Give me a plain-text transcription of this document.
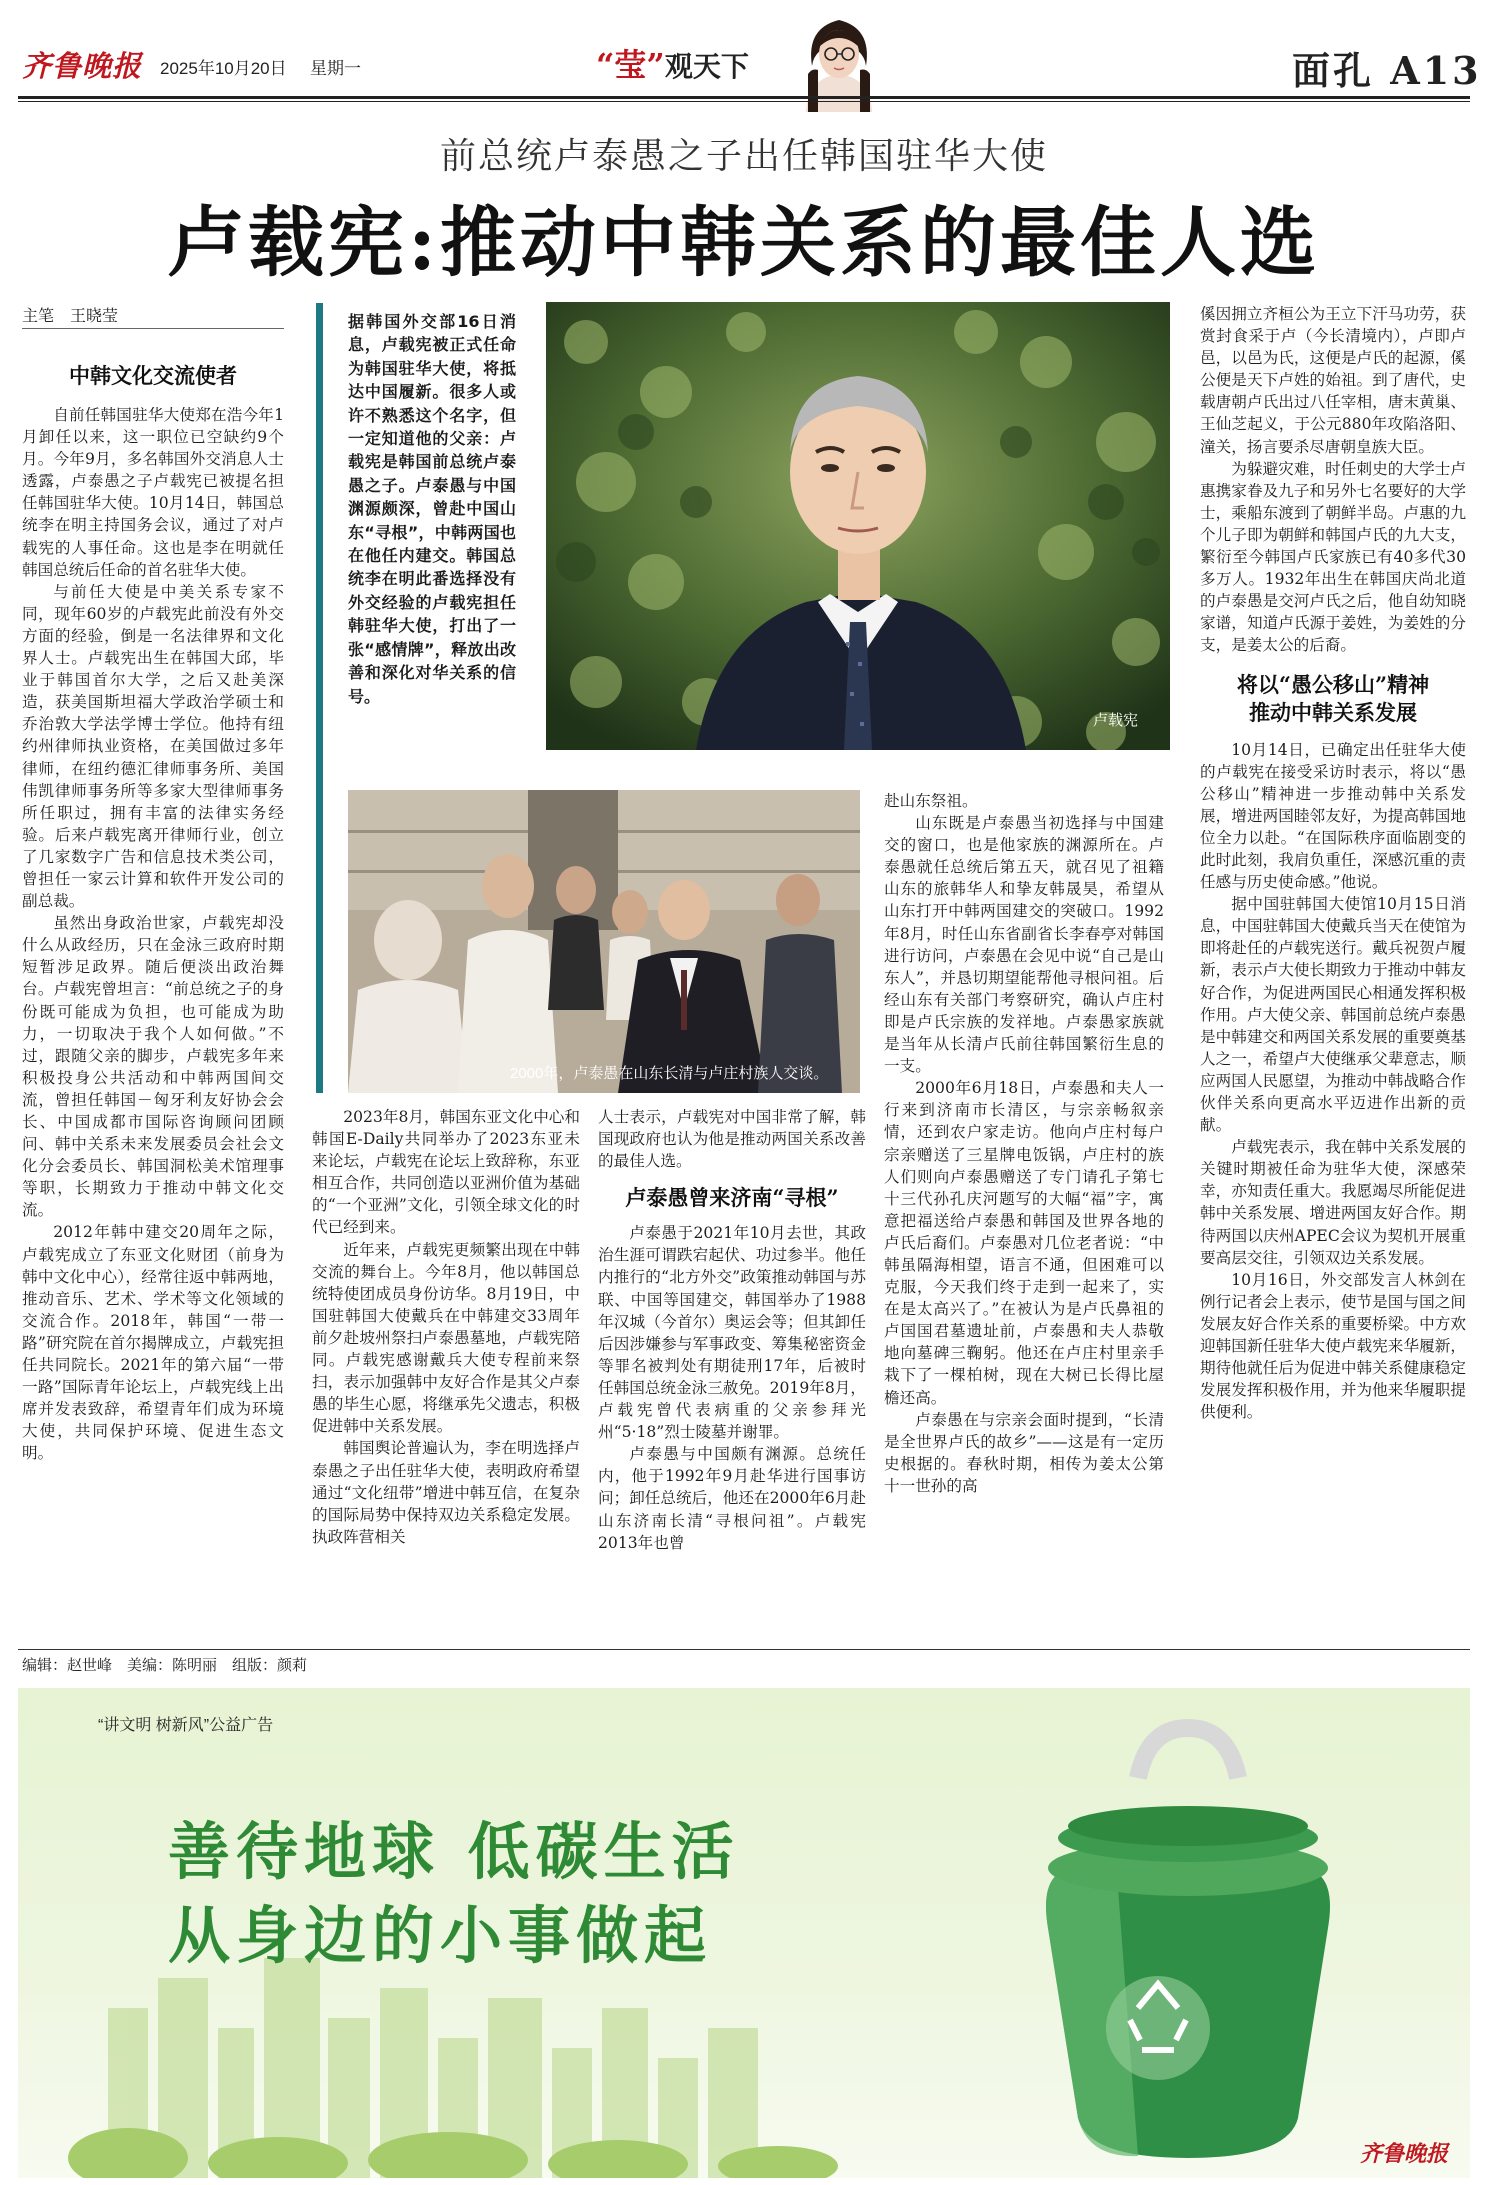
齐鲁晚报 2025年10月20日 星期一	“莹”观天下	面孔 A13
前总统卢泰愚之子出任韩国驻华大使
卢载宪:推动中韩关系的最佳人选
主笔　王晓莹
中韩文化交流使者

自前任韩国驻华大使郑在浩今年1月卸任以来，这一职位已空缺约9个月。今年9月，多名韩国外交消息人士透露，卢泰愚之子卢载宪已被提名担任韩国驻华大使。10月14日，韩国总统李在明主持国务会议，通过了对卢载宪的人事任命。这也是李在明就任韩国总统后任命的首名驻华大使。

与前任大使是中美关系专家不同，现年60岁的卢载宪此前没有外交方面的经验，倒是一名法律界和文化界人士。卢载宪出生在韩国大邱，毕业于韩国首尔大学，之后又赴美深造，获美国斯坦福大学政治学硕士和乔治敦大学法学博士学位。他持有纽约州律师执业资格，在美国做过多年律师，在纽约德汇律师事务所、美国伟凯律师事务所等多家大型律师事务所任职过，拥有丰富的法律实务经验。后来卢载宪离开律师行业，创立了几家数字广告和信息技术类公司，曾担任一家云计算和软件开发公司的副总裁。

虽然出身政治世家，卢载宪却没什么从政经历，只在金泳三政府时期短暂涉足政界。随后便淡出政治舞台。卢载宪曾坦言：“前总统之子的身份既可能成为负担，也可能成为助力，一切取决于我个人如何做。”不过，跟随父亲的脚步，卢载宪多年来积极投身公共活动和中韩两国间交流，曾担任韩国－匈牙利友好协会会长、中国成都市国际咨询顾问团顾问、韩中关系未来发展委员会社会文化分会委员长、韩国洞松美术馆理事等职，长期致力于推动中韩文化交流。

2012年韩中建交20周年之际，卢载宪成立了东亚文化财团（前身为韩中文化中心），经常往返中韩两地，推动音乐、艺术、学术等文化领域的交流合作。2018年，韩国“一带一路”研究院在首尔揭牌成立，卢载宪担任共同院长。2021年的第六届“一带一路”国际青年论坛上，卢载宪线上出席并发表致辞，希望青年们成为环境大使，共同保护环境、促进生态文明。

据韩国外交部16日消息，卢载宪被正式任命为韩国驻华大使，将抵达中国履新。很多人或许不熟悉这个名字，但一定知道他的父亲：卢载宪是韩国前总统卢泰愚之子。卢泰愚与中国渊源颇深，曾赴中国山东“寻根”，中韩两国也在他任内建交。韩国总统李在明此番选择没有外交经验的卢载宪担任韩驻华大使，打出了一张“感情牌”，释放出改善和深化对华关系的信号。
卢载宪
2000年，卢泰愚在山东长清与卢庄村族人交谈。

2023年8月，韩国东亚文化中心和韩国E-Daily共同举办了2023东亚未来论坛，卢载宪在论坛上致辞称，东亚相互合作，共同创造以亚洲价值为基础的“一个亚洲”文化，引领全球文化的时代已经到来。

近年来，卢载宪更频繁出现在中韩交流的舞台上。今年8月，他以韩国总统特使团成员身份访华。8月19日，中国驻韩国大使戴兵在中韩建交33周年前夕赴坡州祭扫卢泰愚墓地，卢载宪陪同。卢载宪感谢戴兵大使专程前来祭扫，表示加强韩中友好合作是其父卢泰愚的毕生心愿，将继承先父遗志，积极促进韩中关系发展。

韩国舆论普遍认为，李在明选择卢泰愚之子出任驻华大使，表明政府希望通过“文化纽带”增进中韩互信，在复杂的国际局势中保持双边关系稳定发展。执政阵营相关

人士表示，卢载宪对中国非常了解，韩国现政府也认为他是推动两国关系改善的最佳人选。

卢泰愚曾来济南“寻根”

卢泰愚于2021年10月去世，其政治生涯可谓跌宕起伏、功过参半。他任内推行的“北方外交”政策推动韩国与苏联、中国等国建交，韩国举办了1988年汉城（今首尔）奥运会等；但其卸任后因涉嫌参与军事政变、筹集秘密资金等罪名被判处有期徒刑17年，后被时任韩国总统金泳三赦免。2019年8月，卢载宪曾代表病重的父亲参拜光州“5·18”烈士陵墓并谢罪。

卢泰愚与中国颇有渊源。总统任内，他于1992年9月赴华进行国事访问；卸任总统后，他还在2000年6月赴山东济南长清“寻根问祖”。卢载宪2013年也曾

赴山东祭祖。

山东既是卢泰愚当初选择与中国建交的窗口，也是他家族的渊源所在。卢泰愚就任总统后第五天，就召见了祖籍山东的旅韩华人和挚友韩晟昊，希望从山东打开中韩两国建交的突破口。1992年8月，时任山东省副省长李春亭对韩国进行访问，卢泰愚在会见中说“自己是山东人”，并恳切期望能帮他寻根问祖。后经山东有关部门考察研究，确认卢庄村即是卢氏宗族的发祥地。卢泰愚家族就是当年从长清卢氏前往韩国繁衍生息的一支。

2000年6月18日，卢泰愚和夫人一行来到济南市长清区，与宗亲畅叙亲情，还到农户家走访。他向卢庄村每户宗亲赠送了三星牌电饭锅，卢庄村的族人们则向卢泰愚赠送了专门请孔子第七十三代孙孔庆河题写的大幅“福”字，寓意把福送给卢泰愚和韩国及世界各地的卢氏后裔们。卢泰愚对几位老者说：“中韩虽隔海相望，语言不通，但困难可以克服，今天我们终于走到一起来了，实在是太高兴了。”在被认为是卢氏鼻祖的卢国国君墓遗址前，卢泰愚和夫人恭敬地向墓碑三鞠躬。他还在卢庄村里亲手栽下了一棵柏树，现在大树已长得比屋檐还高。

卢泰愚在与宗亲会面时提到，“长清是全世界卢氏的故乡”——这是有一定历史根据的。春秋时期，相传为姜太公第十一世孙的高

傒因拥立齐桓公为王立下汗马功劳，获赏封食采于卢（今长清境内），卢即卢邑，以邑为氏，这便是卢氏的起源，傒公便是天下卢姓的始祖。到了唐代，史载唐朝卢氏出过八任宰相，唐末黄巢、王仙芝起义，于公元880年攻陷洛阳、潼关，扬言要杀尽唐朝皇族大臣。

为躲避灾难，时任刺史的大学士卢惠携家眷及九子和另外七名要好的大学士，乘船东渡到了朝鲜半岛。卢惠的九个儿子即为朝鲜和韩国卢氏的九大支，繁衍至今韩国卢氏家族已有40多代30多万人。1932年出生在韩国庆尚北道的卢泰愚是交河卢氏之后，他自幼知晓家谱，知道卢氏源于姜姓，为姜姓的分支，是姜太公的后裔。

将以“愚公移山”精神
推动中韩关系发展

10月14日，已确定出任驻华大使的卢载宪在接受采访时表示，将以“愚公移山”精神进一步推动韩中关系发展，增进两国睦邻友好，为提高韩国地位全力以赴。“在国际秩序面临剧变的此时此刻，我肩负重任，深感沉重的责任感与历史使命感。”他说。

据中国驻韩国大使馆10月15日消息，中国驻韩国大使戴兵当天在使馆为即将赴任的卢载宪送行。戴兵祝贺卢履新，表示卢大使长期致力于推动中韩友好合作，为促进两国民心相通发挥积极作用。卢大使父亲、韩国前总统卢泰愚是中韩建交和两国关系发展的重要奠基人之一，希望卢大使继承父辈意志，顺应两国人民愿望，为推动中韩战略合作伙伴关系向更高水平迈进作出新的贡献。

卢载宪表示，我在韩中关系发展的关键时期被任命为驻华大使，深感荣幸，亦知责任重大。我愿竭尽所能促进韩中关系发展、增进两国友好合作。期待两国以庆州APEC会议为契机开展重要高层交往，引领双边关系发展。

10月16日，外交部发言人林剑在例行记者会上表示，使节是国与国之间发展友好合作关系的重要桥梁。中方欢迎韩国新任驻华大使卢载宪来华履新，期待他就任后为促进中韩关系健康稳定发展发挥积极作用，并为他来华履职提供便利。

编辑：赵世峰　美编：陈明丽　组版：颜莉
“讲文明 树新风”公益广告
善待地球 低碳生活
从身边的小事做起
齐鲁晚报
